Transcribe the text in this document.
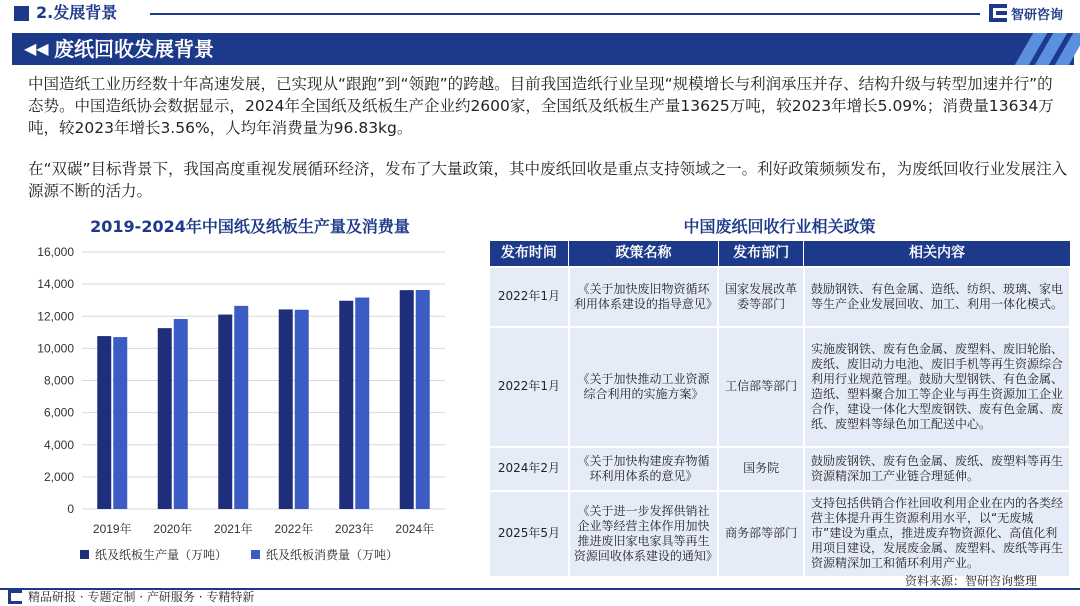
2.发展背景	智研咨询
◀◀ 废纸回收发展背景

中国造纸工业历经数十年高速发展，已实现从“跟跑”到“领跑”的跨越。目前我国造纸行业呈现“规模增长与利润承压并存、结构升级与转型加速并行”的态势。中国造纸协会数据显示，2024年全国纸及纸板生产企业约2600家，全国纸及纸板生产量13625万吨，较2023年增长5.09%；消费量13634万吨，较2023年增长3.56%，人均年消费量为96.83kg。

在“双碳”目标背景下，我国高度重视发展循环经济，发布了大量政策，其中废纸回收是重点支持领域之一。利好政策频频发布，为废纸回收行业发展注入源源不断的活力。

2019-2024年中国纸及纸板生产量及消费量
0
2,000
4,000
6,000
8,000
10,000
12,000
14,000
16,000
2019年 2020年 2021年 2022年 2023年 2024年
纸及纸板生产量（万吨）	纸及纸板消费量（万吨）
中国废纸回收行业相关政策
发布时间	政策名称	发布部门	相关内容
2022年1月	《关于加快废旧物资循环利用体系建设的指导意见》	国家发展改革委等部门	鼓励钢铁、有色金属、造纸、纺织、玻璃、家电等生产企业发展回收、加工、利用一体化模式。
2022年1月	《关于加快推动工业资源综合利用的实施方案》	工信部等部门	实施废钢铁、废有色金属、废塑料、废旧轮胎、废纸、废旧动力电池、废旧手机等再生资源综合利用行业规范管理。鼓励大型钢铁、有色金属、造纸、塑料聚合加工等企业与再生资源加工企业合作，建设一体化大型废钢铁、废有色金属、废纸、废塑料等绿色加工配送中心。
2024年2月	《关于加快构建废弃物循环利用体系的意见》	国务院	鼓励废钢铁、废有色金属、废纸、废塑料等再生资源精深加工产业链合理延伸。
2025年5月	《关于进一步发挥供销社企业等经营主体作用加快推进废旧家电家具等再生资源回收体系建设的通知》	商务部等部门	支持包括供销合作社回收利用企业在内的各类经营主体提升再生资源利用水平，以“无废城市”建设为重点，推进废弃物资源化、高值化利用项目建设，发展废金属、废塑料、废纸等再生资源精深加工和循环利用产业。
资料来源：智研咨询整理
精品研报 · 专题定制 · 产研服务 · 专精特新
